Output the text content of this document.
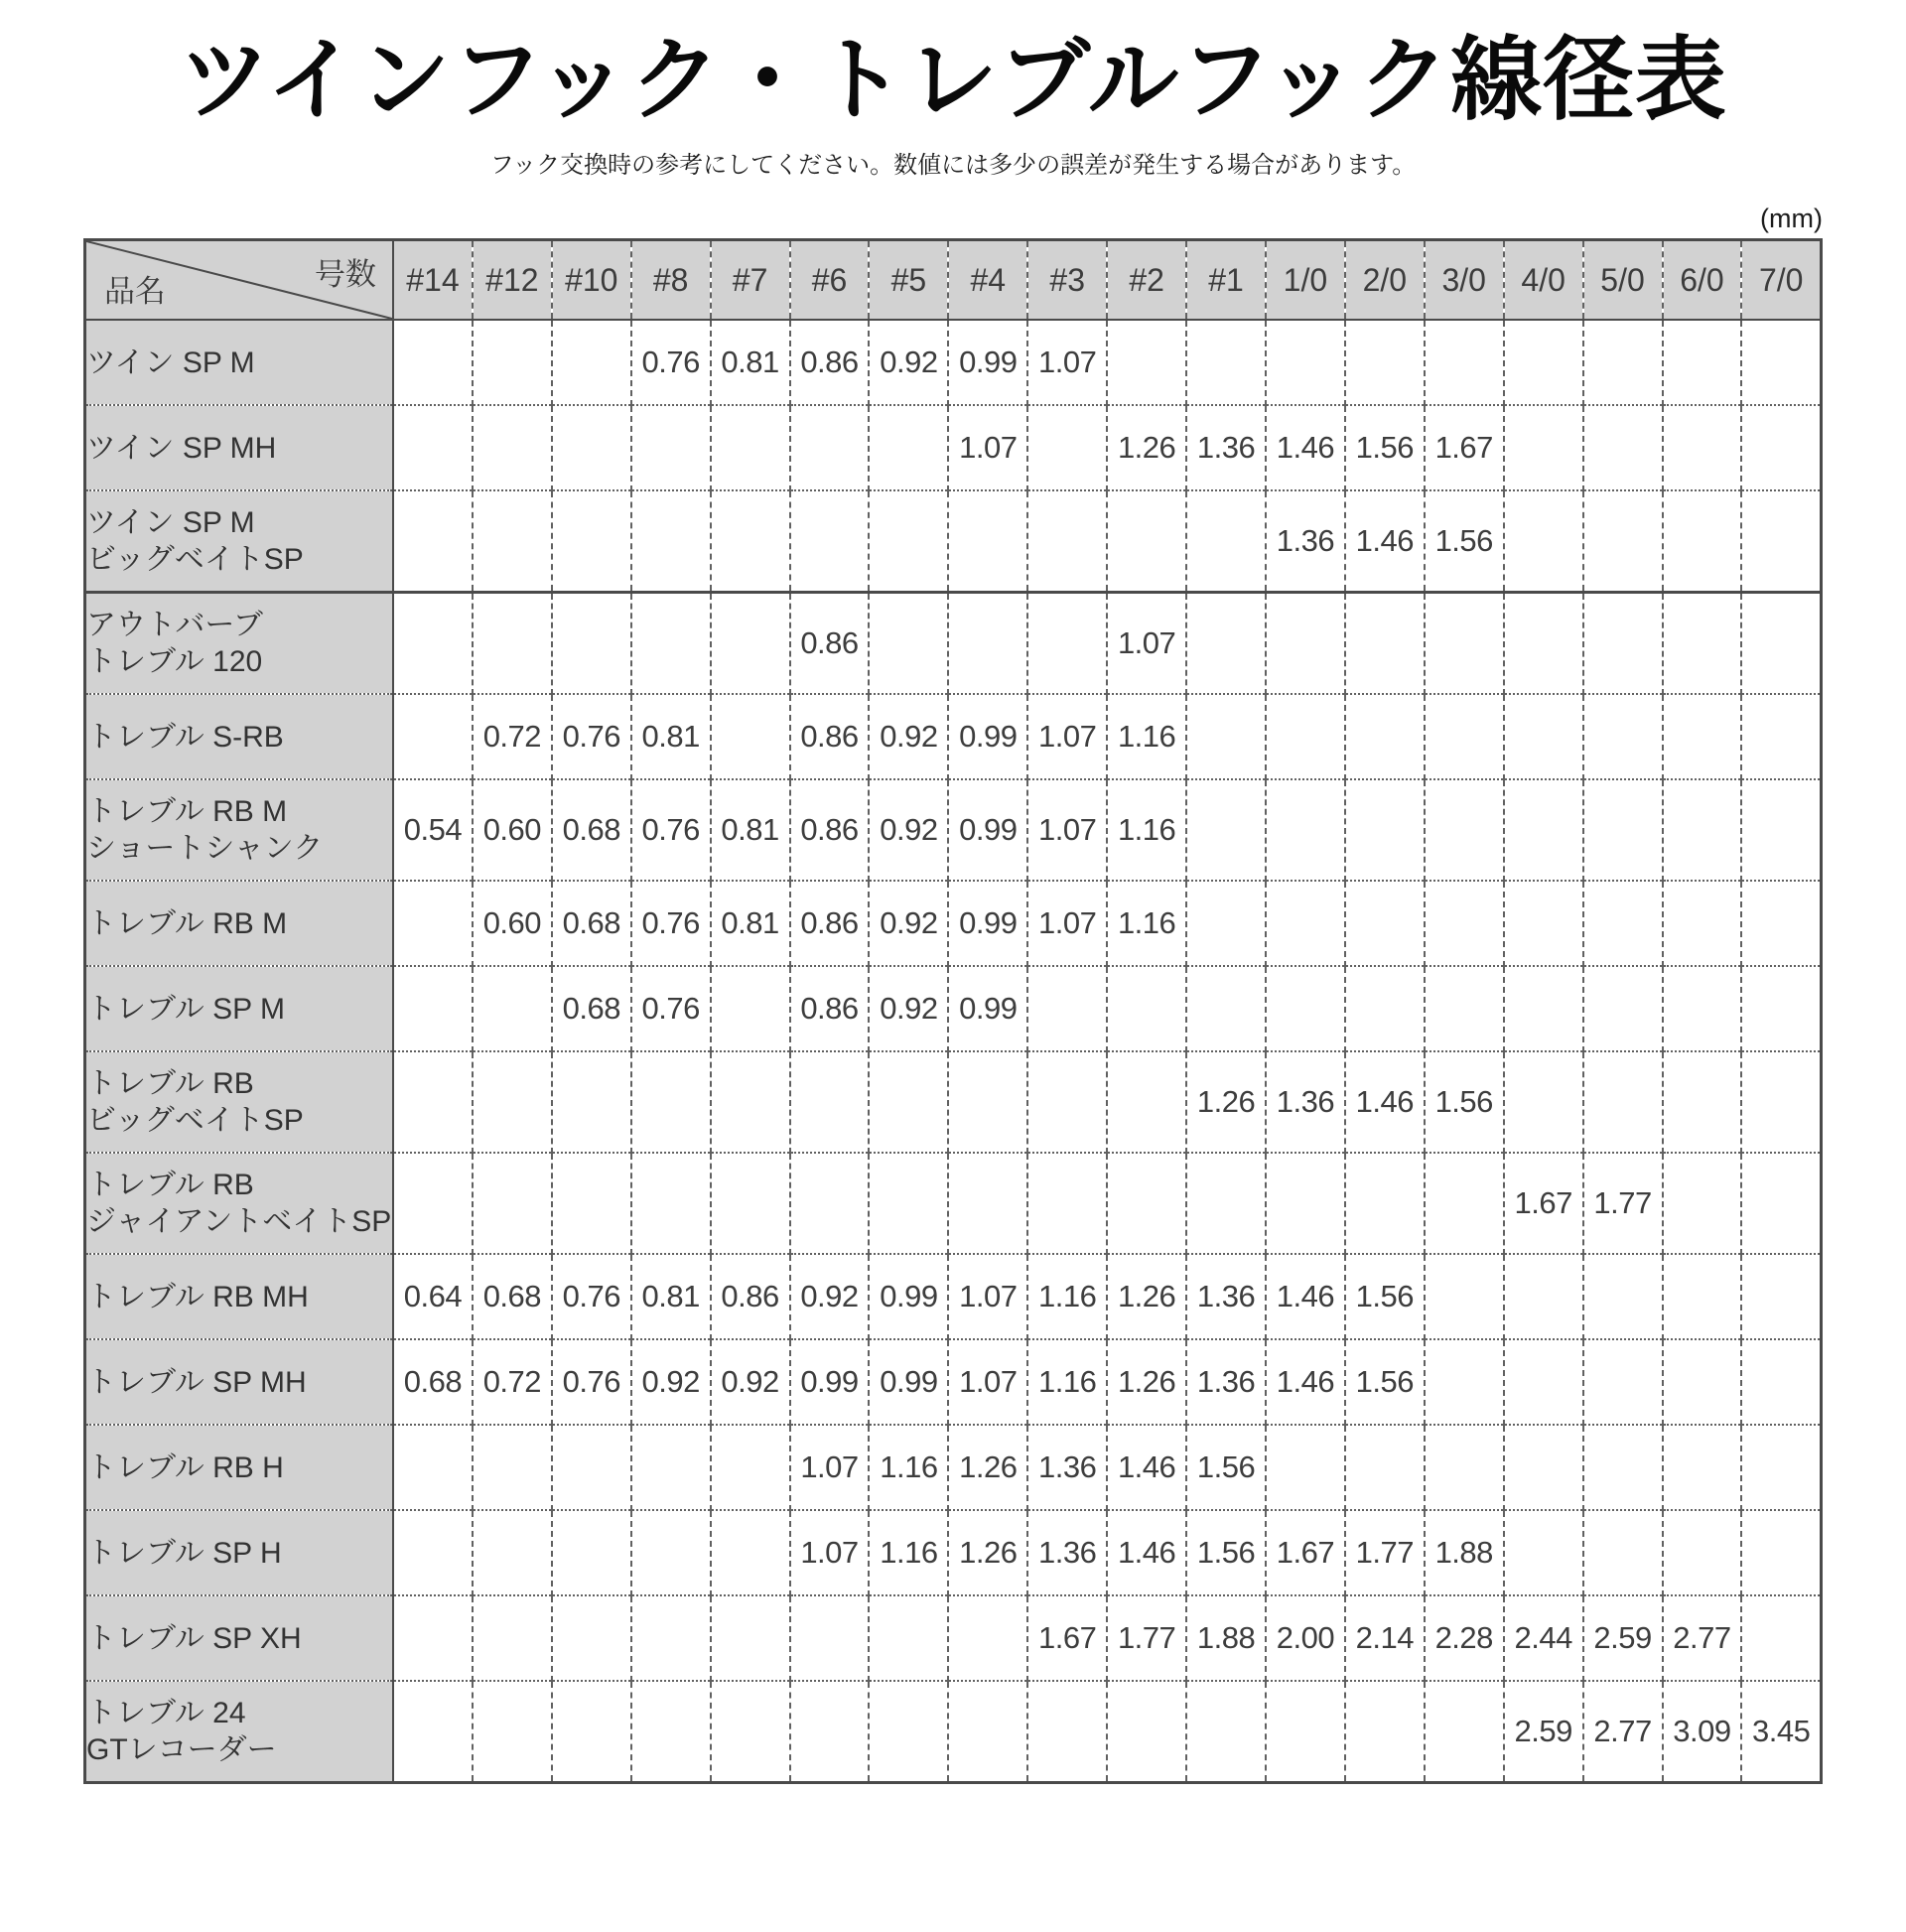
ツインフック・トレブルフック線径表

フック交換時の参考にしてください。数値には多少の誤差が発生する場合があります。

(mm)
号数
品名	#14	#12	#10	#8	#7	#6	#5	#4	#3	#2	#1	1/0	2/0	3/0	4/0	5/0	6/0	7/0
ツイン SP M				0.76	0.81	0.86	0.92	0.99	1.07									
ツイン SP MH								1.07		1.26	1.36	1.46	1.56	1.67				
ツイン SP M
ビッグベイトSP												1.36	1.46	1.56				
アウトバーブ
トレブル 120						0.86				1.07								
トレブル S-RB		0.72	0.76	0.81		0.86	0.92	0.99	1.07	1.16								
トレブル RB M
ショートシャンク	0.54	0.60	0.68	0.76	0.81	0.86	0.92	0.99	1.07	1.16								
トレブル RB M		0.60	0.68	0.76	0.81	0.86	0.92	0.99	1.07	1.16								
トレブル SP M			0.68	0.76		0.86	0.92	0.99										
トレブル RB
ビッグベイトSP											1.26	1.36	1.46	1.56				
トレブル RB
ジャイアントベイトSP															1.67	1.77		
トレブル RB MH	0.64	0.68	0.76	0.81	0.86	0.92	0.99	1.07	1.16	1.26	1.36	1.46	1.56					
トレブル SP MH	0.68	0.72	0.76	0.92	0.92	0.99	0.99	1.07	1.16	1.26	1.36	1.46	1.56					
トレブル RB H						1.07	1.16	1.26	1.36	1.46	1.56							
トレブル SP H						1.07	1.16	1.26	1.36	1.46	1.56	1.67	1.77	1.88				
トレブル SP XH									1.67	1.77	1.88	2.00	2.14	2.28	2.44	2.59	2.77	
トレブル 24
GTレコーダー															2.59	2.77	3.09	3.45
